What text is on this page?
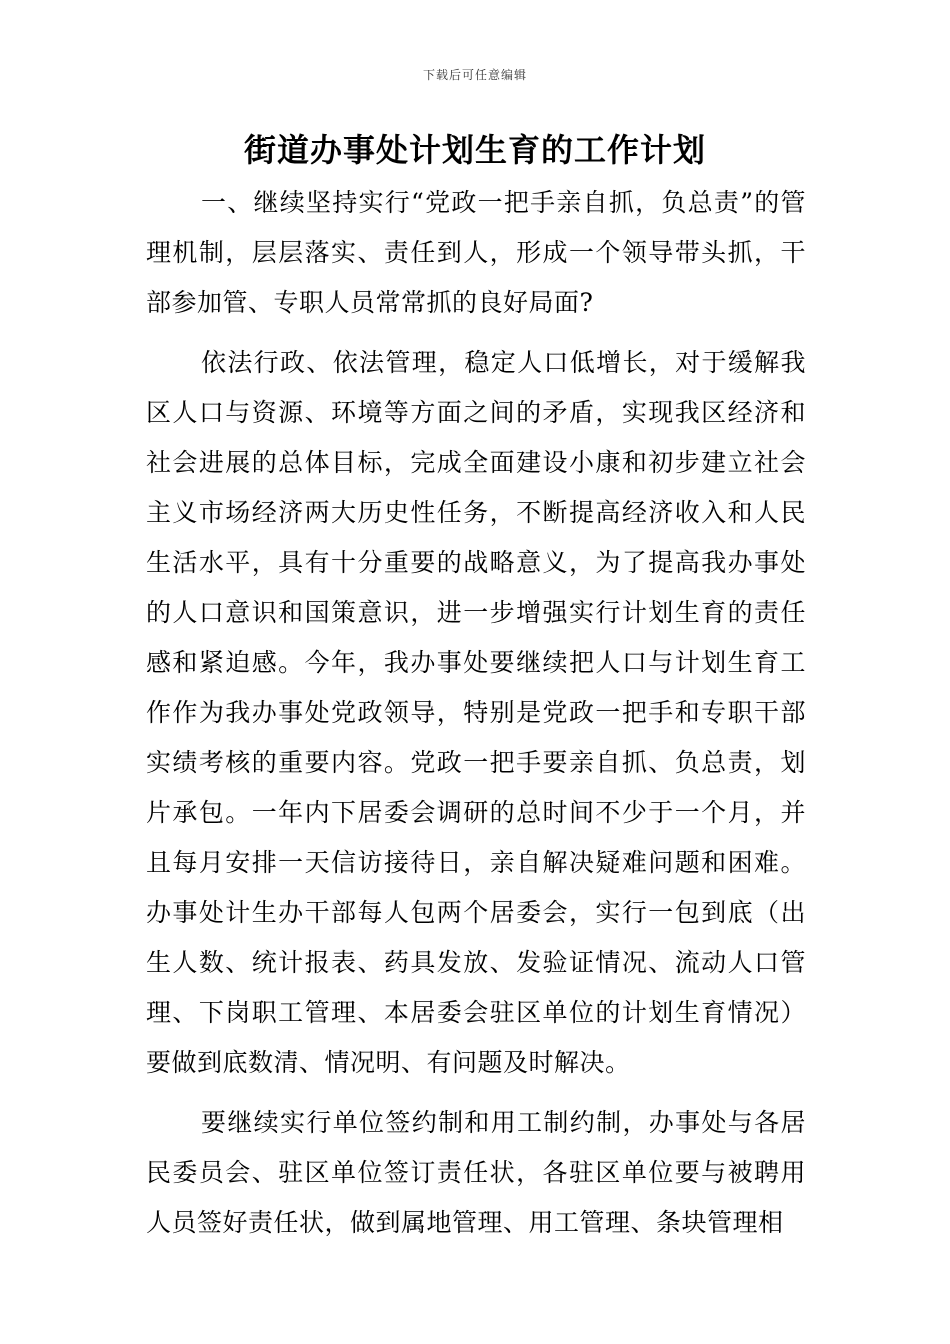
下载后可任意编辑
街道办事处计划生育的工作计划

一、继续坚持实行“党政一把手亲自抓，负总责”的管理机制，层层落实、责任到人，形成一个领导带头抓，干部参加管、专职人员常常抓的良好局面?

依法行政、依法管理，稳定人口低增长，对于缓解我区人口与资源、环境等方面之间的矛盾，实现我区经济和社会进展的总体目标，完成全面建设小康和初步建立社会主义市场经济两大历史性任务，不断提高经济收入和人民生活水平，具有十分重要的战略意义，为了提高我办事处的人口意识和国策意识，进一步增强实行计划生育的责任感和紧迫感。今年，我办事处要继续把人口与计划生育工作作为我办事处党政领导，特别是党政一把手和专职干部实绩考核的重要内容。党政一把手要亲自抓、负总责，划片承包。一年内下居委会调研的总时间不少于一个月，并且每月安排一天信访接待日，亲自解决疑难问题和困难。办事处计生办干部每人包两个居委会，实行一包到底（出生人数、统计报表、药具发放、发验证情况、流动人口管理、下岗职工管理、本居委会驻区单位的计划生育情况）要做到底数清、情况明、有问题及时解决。

要继续实行单位签约制和用工制约制，办事处与各居民委员会、驻区单位签订责任状，各驻区单位要与被聘用人员签好责任状，做到属地管理、用工管理、条块管理相
